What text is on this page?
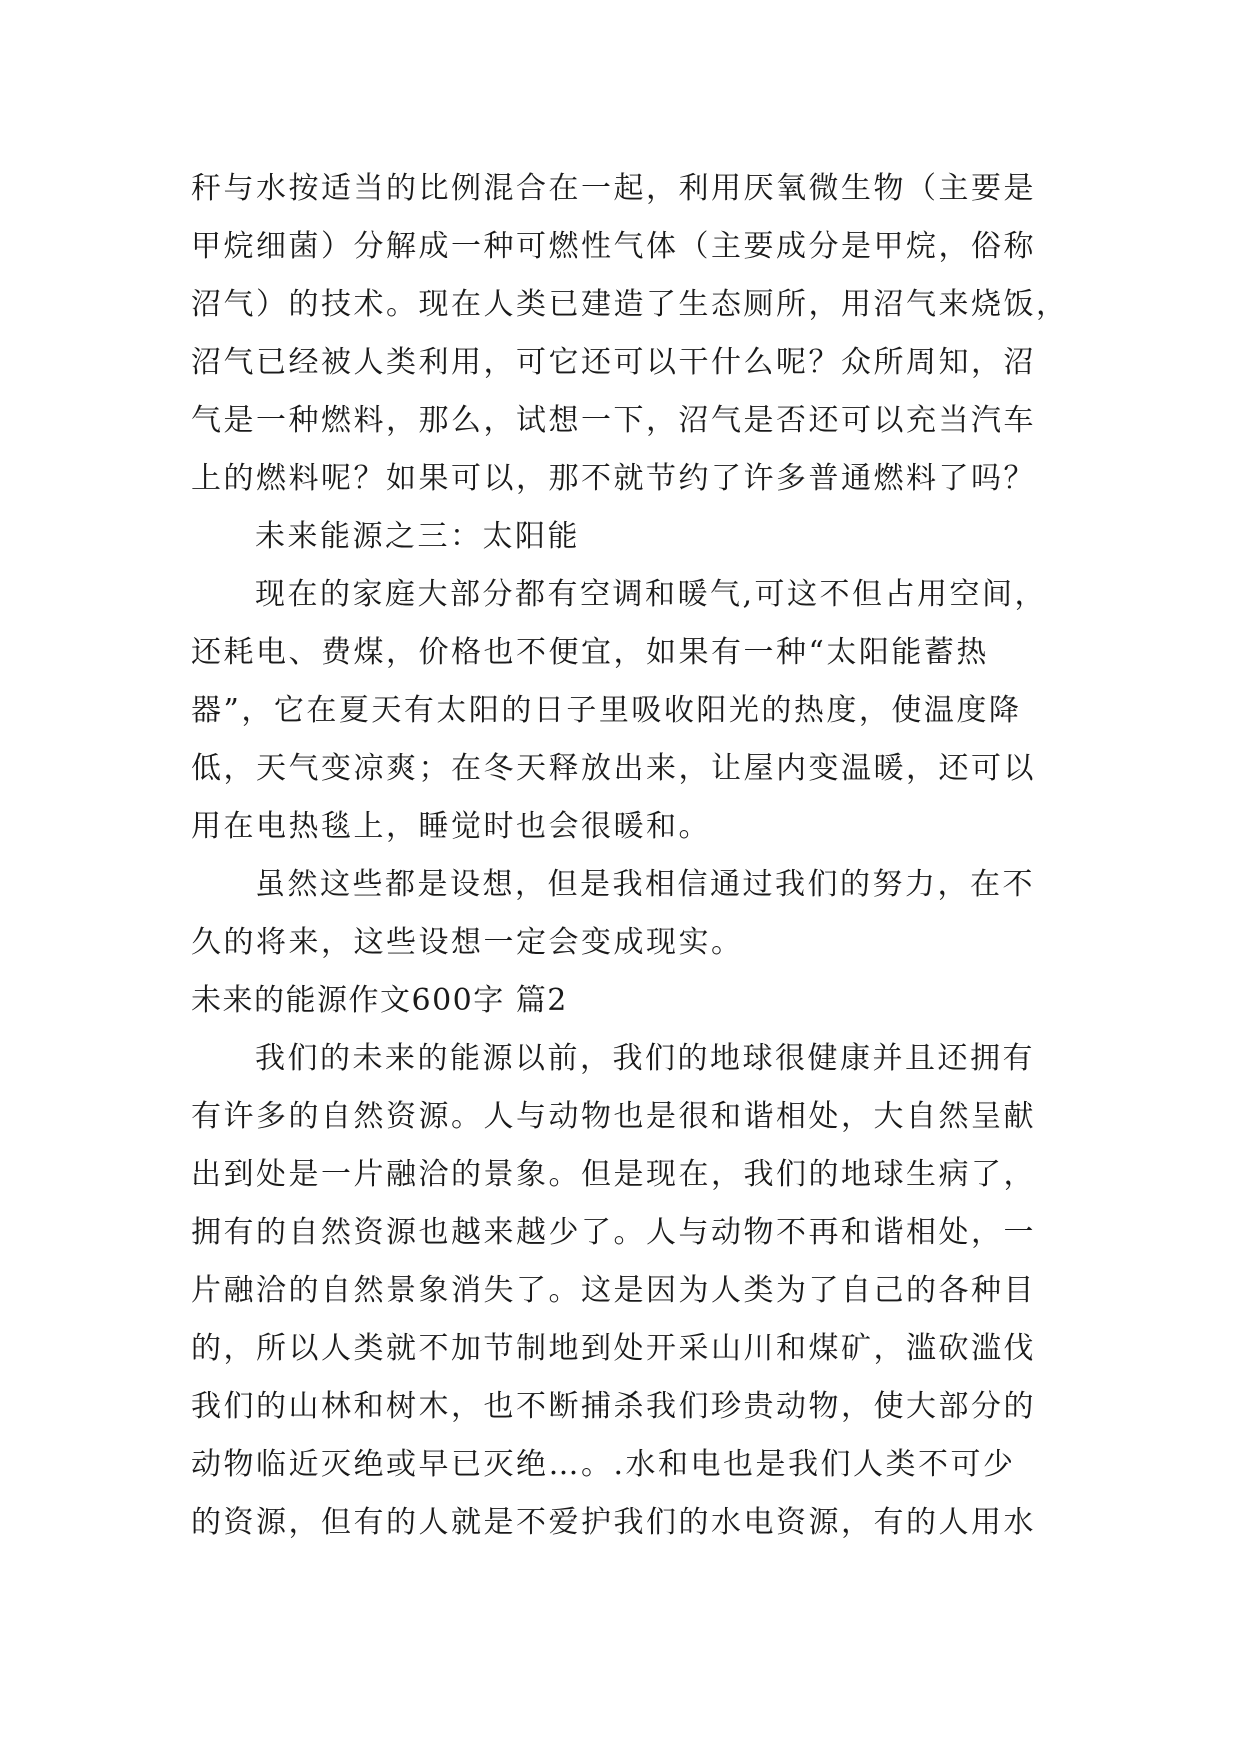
秆与水按适当的比例混合在一起，利用厌氧微生物（主要是
甲烷细菌）分解成一种可燃性气体（主要成分是甲烷，俗称
沼气）的技术。现在人类已建造了生态厕所，用沼气来烧饭，
沼气已经被人类利用，可它还可以干什么呢？众所周知，沼
气是一种燃料，那么，试想一下，沼气是否还可以充当汽车
上的燃料呢？如果可以，那不就节约了许多普通燃料了吗？
未来能源之三：太阳能
现在的家庭大部分都有空调和暖气,可这不但占用空间，
还耗电、费煤，价格也不便宜，如果有一种“太阳能蓄热
器”，它在夏天有太阳的日子里吸收阳光的热度，使温度降
低，天气变凉爽；在冬天释放出来，让屋内变温暖，还可以
用在电热毯上，睡觉时也会很暖和。
虽然这些都是设想，但是我相信通过我们的努力，在不
久的将来，这些设想一定会变成现实。
未来的能源作文600字 篇2
我们的未来的能源以前，我们的地球很健康并且还拥有
有许多的自然资源。人与动物也是很和谐相处，大自然呈献
出到处是一片融洽的景象。但是现在，我们的地球生病了，
拥有的自然资源也越来越少了。人与动物不再和谐相处，一
片融洽的自然景象消失了。这是因为人类为了自己的各种目
的，所以人类就不加节制地到处开采山川和煤矿，滥砍滥伐
我们的山林和树木，也不断捕杀我们珍贵动物，使大部分的
动物临近灭绝或早已灭绝…。.水和电也是我们人类不可少
的资源，但有的人就是不爱护我们的水电资源，有的人用水
